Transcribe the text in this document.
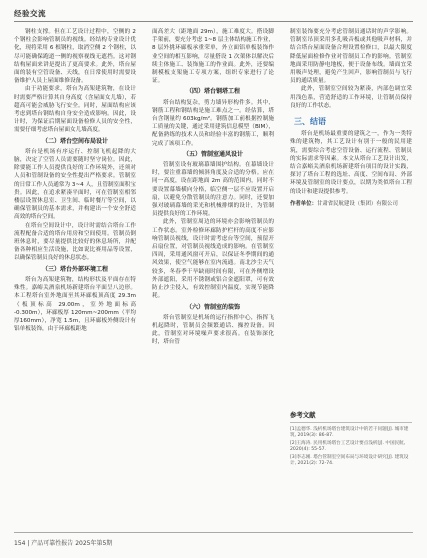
经验交流

钢柱支撑。但在工艺设计过程中，空侧的 2 个钢柱会影响管制员的视线。经结构专业设计优化，现将采用 6 根钢柱，取消空侧 2 个钢柱，以尽可能确保跑道一侧的视察视线无遮挡。这对钢结构屋面来讲是提出了更高要求。此外，塔台屋面的装有空管设备、天线，在日常使用时需要设备维护人员上屋面维修设备。

由于功能要求，塔台为高架建筑物，在设计时需要严格计算其自身高度（含屋面女儿墙），若超高可能会威胁飞行安全。同时，屋面结构应该考虑到塔台钢结构自身安全造成影响。因此，设计时，为保证后期屋面设备检修人员的安全性，需要仔细考虑塔台屋面女儿墙高度。

（二）塔台空间布局设计

塔台是机场有序运行、控制飞机起降的大脑，决定了空管人员需要随时坚守岗位。因此，除要能工作人员提供良好的工作环境外，还须对人员和管制设备的安全性提出严格要求。管制室的日常工作人员通常为 3~4 人，且管制室面积宝贵。因此，在追求紧凑平面时，可在管制室相邻楼层设置休息室、卫生间、临时餐厅等空间，以确保管制员的基本需求，并构建出一个安全舒适高效的塔台空间。

在塔台空间设计中，设计时需结合塔台工作流程配备合适的塔台用房和空间使用。管制员倒班休息时，要尽量提供比较好的休息场所，并配备各种相应生活设施，比如说比赛用品等设置，以确保管制员良好的休息状态。

（三）塔台外部环境工程

塔台为高架建筑物，结构形状及平面存在特殊性。嘉峪关酒泉机场新建塔台平面呈八边形。本工程塔台室外地面至其环廊板顶高度 29.3m（板顶标高 29.00m，室外地面标高 -0.300m），环廊板厚 120mm~200mm（平均厚160mm），净宽 1.5m，且环廊板外侧设计有铝单板装饰，由于环廊板距地

面高差大（距地面 29m），施工难度大。搭设脚手架前，要充分考虑 1~8 层主体结构施工作业，8 层外挑环廊板承重荣单，外立面铝单板装饰作业空间的相互影响，尽量搭设 1 次架体以解决后续主体施工、装饰施工的作业面。此外，还要编制模板支架施工专项方案，组织专家进行了论证。

（四）塔台钢塔工程

塔台结构复杂，剪力墙异形构件多。其中，钢筋工程和钢结构是施工难点之一。经估算，塔台含钢量约 603kg/m²。钢筋加工前根据控制施工质量的关键，通过采用建筑信息模型（BIM），配备熟练的技术人员和经验丰富的钢筋工，顺利完成了该项工作。

（五）管制室通风设计

管制室设有玻璃幕墙围护结构。在幕墙设计时，要注重幕墙的倾斜角度及合适的分格。应在同一高度，设在距地面 2m 高的范围内，同时不要设置幕墙横向分格，临空侧一层不应设置开启扇，以避免分散管制员的注意力。同时，还要加强对玻璃幕墙的采光和机械排烟的设计，为管制员提供良好的工作环境。

此外，管制室周边的环境亦会影响管制员的工作状态。室外检修环廊防护栏杆的高度不应影响管制员视线，设计时需考虑台等空间，预留开启扇位置，对管制员视线造成的影响。在管制室四周，采用通风窗可开启，以保证冬季期间的通风效果，使空气能够在室内流通。南北沙尘天气较多，冬春季干旱缺雨时间有限，可在外侧增设外部遮阳，采用不锈钢或铝合金遮阳罩，可有效防止沙尘侵入，有效控制室内温度，实现节能降耗。

（六）管制室的装饰

塔台管制室是机场的运行指挥中心，指挥飞机起降时，管制员会频繁通话、操控设备。因此，管制室对环境噪声要求很高。在装饰深化时，塔台管

制室装饰要充分考虑管制员通话时的声学影响。管制室吊顶采用多孔吸音板或其他吸声材料，并结合塔台屋面设备合理设置检修口，以最大限度降低屋面检修作业对管制员工作的影响。管制室地面采用防静电地板，便于设备布线。墙面宜采用吸声处理，避免产生回声，影响管制员与飞行员的通话质量。

此外，管制室空间较为紧凑，内部色调宜采用浅色系，营造舒适的工作环境，让管制员保持良好的工作状态。

三、结语

塔台是机场最重要的建筑之一，作为一类特殊的建筑物，其工艺设计有别于一般的民用建筑，需要综合考虑空管设备、运行流程、管制员的实际需求等因素。本文从塔台工艺设计出发，结合嘉峪关酒泉机场新建塔台项目的设计实践，探讨了塔台工程的选址、高度、空间布局、外部环境及管制室的设计要点，以期为类似塔台工程的设计和建设提供参考。

作者单位：甘肃省民航建设（集团）有限公司
参考文献
[1]孟德华. 浅析机场塔台建筑设计中的若干问题[J]. 城市建筑, 2019(3): 86-87.
[2]王海涛. 民用机场塔台工艺设计要点浅析[J]. 中国民航, 2020(4): 55-57.
[3]李志刚. 塔台管制室空间布局与环境设计研究[J]. 建筑设计, 2021(2): 72-74.
154 | 产品可靠性报告 2025年第5期
